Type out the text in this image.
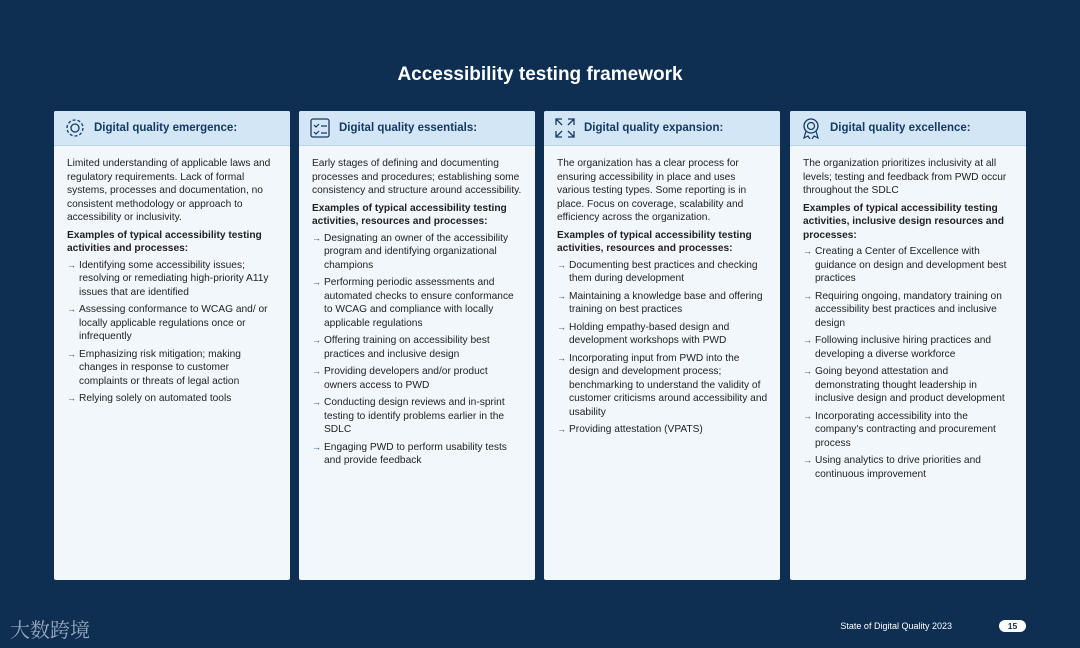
Accessibility testing framework
Digital quality emergence:

Limited understanding of applicable laws and regulatory requirements. Lack of formal systems, processes and documentation, no consistent methodology or approach to accessibility or inclusivity.

Examples of typical accessibility testing activities and processes:

→ Identifying some accessibility issues; resolving or remediating high-priority A11y issues that are identified
→ Assessing conformance to WCAG and/ or locally applicable regulations once or infrequently
→ Emphasizing risk mitigation; making changes in response to customer complaints or threats of legal action
→ Relying solely on automated tools
Digital quality essentials:

Early stages of defining and documenting processes and procedures; establishing some consistency and structure around accessibility.

Examples of typical accessibility testing activities, resources and processes:

→ Designating an owner of the accessibility program and identifying organizational champions
→ Performing periodic assessments and automated checks to ensure conformance to WCAG and compliance with locally applicable regulations
→ Offering training on accessibility best practices and inclusive design
→ Providing developers and/or product owners access to PWD
→ Conducting design reviews and in-sprint testing to identify problems earlier in the SDLC
→ Engaging PWD to perform usability tests and provide feedback
Digital quality expansion:

The organization has a clear process for ensuring accessibility in place and uses various testing types. Some reporting is in place. Focus on coverage, scalability and efficiency across the organization.

Examples of typical accessibility testing activities, resources and processes:

→ Documenting best practices and checking them during development
→ Maintaining a knowledge base and offering training on best practices
→ Holding empathy-based design and development workshops with PWD
→ Incorporating input from PWD into the design and development process; benchmarking to understand the validity of customer criticisms around accessibility and usability
→ Providing attestation (VPATS)
Digital quality excellence:

The organization prioritizes inclusivity at all levels; testing and feedback from PWD occur throughout the SDLC

Examples of typical accessibility testing activities, inclusive design resources and processes:

→ Creating a Center of Excellence with guidance on design and development best practices
→ Requiring ongoing, mandatory training on accessibility best practices and inclusive design
→ Following inclusive hiring practices and developing a diverse workforce
→ Going beyond attestation and demonstrating thought leadership in inclusive design and product development
→ Incorporating accessibility into the company's contracting and procurement process
→ Using analytics to drive priorities and continuous improvement
State of Digital Quality 2023	15
大数跨境
